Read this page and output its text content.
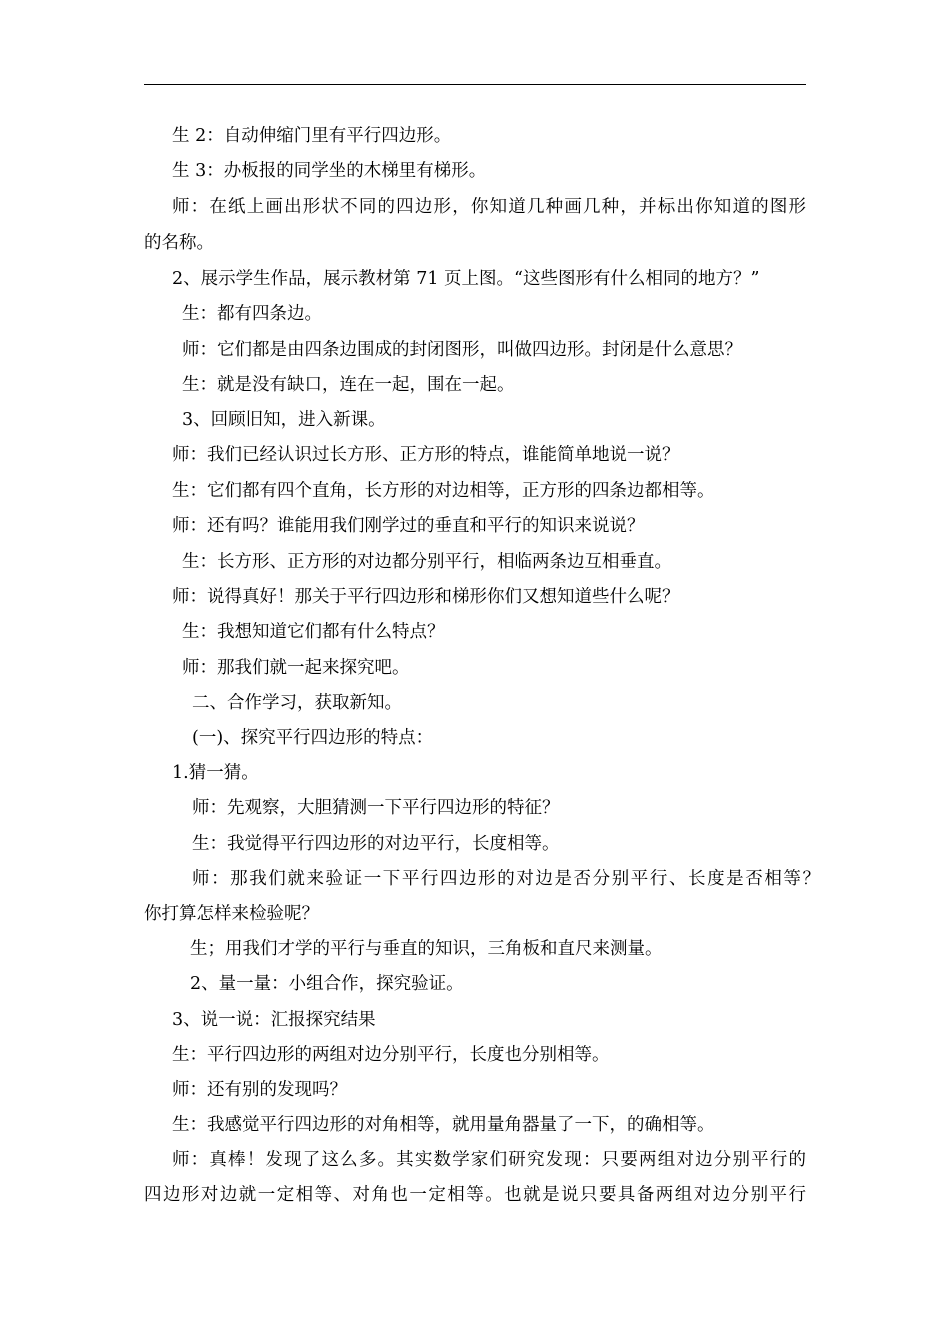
生 2：自动伸缩门里有平行四边形。
生 3：办板报的同学坐的木梯里有梯形。
师：在纸上画出形状不同的四边形，你知道几种画几种，并标出你知道的图形
的名称。
2、展示学生作品，展示教材第 71 页上图。“这些图形有什么相同的地方？”
生：都有四条边。
师：它们都是由四条边围成的封闭图形，叫做四边形。封闭是什么意思？
生：就是没有缺口，连在一起，围在一起。
3、回顾旧知，进入新课。
师：我们已经认识过长方形、正方形的特点，谁能简单地说一说？
生：它们都有四个直角，长方形的对边相等，正方形的四条边都相等。
师：还有吗？谁能用我们刚学过的垂直和平行的知识来说说？
生：长方形、正方形的对边都分别平行，相临两条边互相垂直。
师：说得真好！那关于平行四边形和梯形你们又想知道些什么呢？
生：我想知道它们都有什么特点？
师：那我们就一起来探究吧。
二、合作学习，获取新知。
(一)、探究平行四边形的特点：
1.猜一猜。
师：先观察，大胆猜测一下平行四边形的特征？
生：我觉得平行四边形的对边平行，长度相等。
师：那我们就来验证一下平行四边形的对边是否分别平行、长度是否相等？
你打算怎样来检验呢？
生；用我们才学的平行与垂直的知识，三角板和直尺来测量。
2、量一量：小组合作，探究验证。
3、说一说：汇报探究结果
生：平行四边形的两组对边分别平行，长度也分别相等。
师：还有别的发现吗？
生：我感觉平行四边形的对角相等，就用量角器量了一下，的确相等。
师：真棒！发现了这么多。其实数学家们研究发现：只要两组对边分别平行的
四边形对边就一定相等、对角也一定相等。也就是说只要具备两组对边分别平行
